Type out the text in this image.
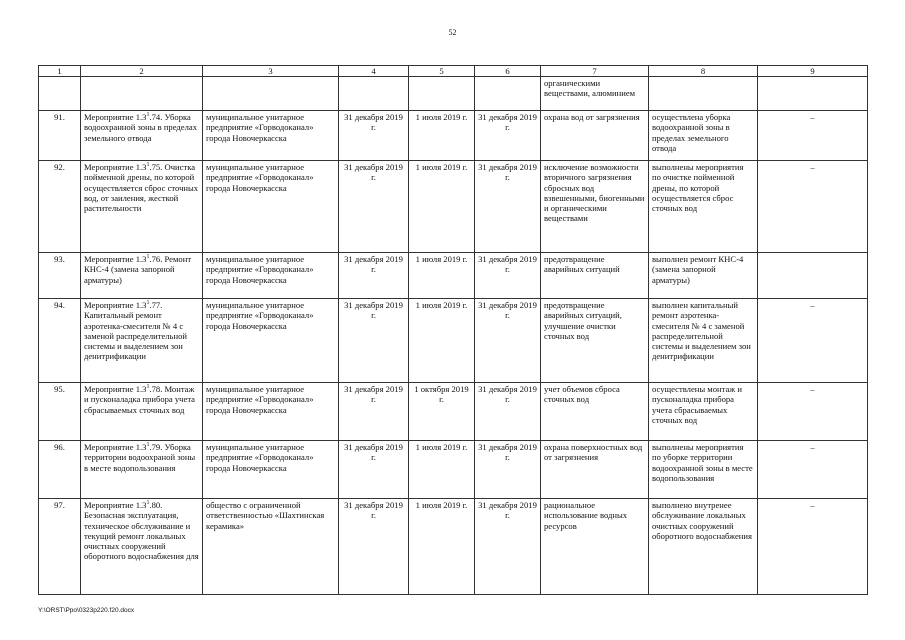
52
1	2	3	4	5	6	7	8	9
						органическими веществами, алюминием		
91.	Мероприятие $1.3^1.74$. Уборка водоохранной зоны в пределах земельного отвода	муниципальное унитарное предприятие «Горводоканал» города Новочеркасска	31 декабря 2019 г.	1 июля 2019 г.	31 декабря 2019 г.	охрана вод от загрязнения	осуществлена уборка водоохранной зоны в пределах земельного отвода	–
92.	Мероприятие $1.3^1.75$. Очистка пойменной дрены, по которой осуществляется сброс сточных вод, от заиления, жесткой растительности	муниципальное унитарное предприятие «Горводоканал» города Новочеркасска	31 декабря 2019 г.	1 июля 2019 г.	31 декабря 2019 г.	исключение возможности вторичного загрязнения сбросных вод взвешенными, биогенными и органическими веществами	выполнены мероприятия по очистке пойменной дрены, по которой осуществляется сброс сточных вод	–
93.	Мероприятие $1.3^1.76$. Ремонт КНС-4 (замена запорной арматуры)	муниципальное унитарное предприятие «Горводоканал» города Новочеркасска	31 декабря 2019 г.	1 июля 2019 г.	31 декабря 2019 г.	предотвращение аварийных ситуаций	выполнен ремонт КНС-4 (замена запорной арматуры)	
94.	Мероприятие $1.3^1.77$. Капитальный ремонт аэротенка-смесителя № 4 с заменой распределительной системы и выделением зон денитрификации	муниципальное унитарное предприятие «Горводоканал» города Новочеркасска	31 декабря 2019 г.	1 июля 2019 г.	31 декабря 2019 г.	предотвращение аварийных ситуаций, улучшение очистки сточных вод	выполнен капитальный ремонт аэротенка-смесителя № 4 с заменой распределительной системы и выделением зон денитрификации	–
95.	Мероприятие $1.3^1.78$. Монтаж и пусконаладка прибора учета сбрасываемых сточных вод	муниципальное унитарное предприятие «Горводоканал» города Новочеркасска	31 декабря 2019 г.	1 октября 2019 г.	31 декабря 2019 г.	учет объемов сброса сточных вод	осуществлены монтаж и пусконаладка прибора учета сбрасываемых сточных вод	–
96.	Мероприятие $1.3^1.79$. Уборка территории водоохраной зоны в месте водопользования	муниципальное унитарное предприятие «Горводоканал» города Новочеркасска	31 декабря 2019 г.	1 июля 2019 г.	31 декабря 2019 г.	охрана поверхностных вод от загрязнения	выполнены мероприятия по уборке территории водоохранной зоны в месте водопользования	–
97.	Мероприятие $1.3^1.80$. Безопасная эксплуатация, техническое обслуживание и текущий ремонт локальных очистных сооружений оборотного водоснабжения для	общество с ограниченной ответственностью «Шахтинская керамика»	31 декабря 2019 г.	1 июля 2019 г.	31 декабря 2019 г.	рациональное использование водных ресурсов	выполнено внутренее обслуживание локальных очистных сооружений оборотного водоснабжения	–
Y:\ORST\Ppo\0323p220.f20.docx
